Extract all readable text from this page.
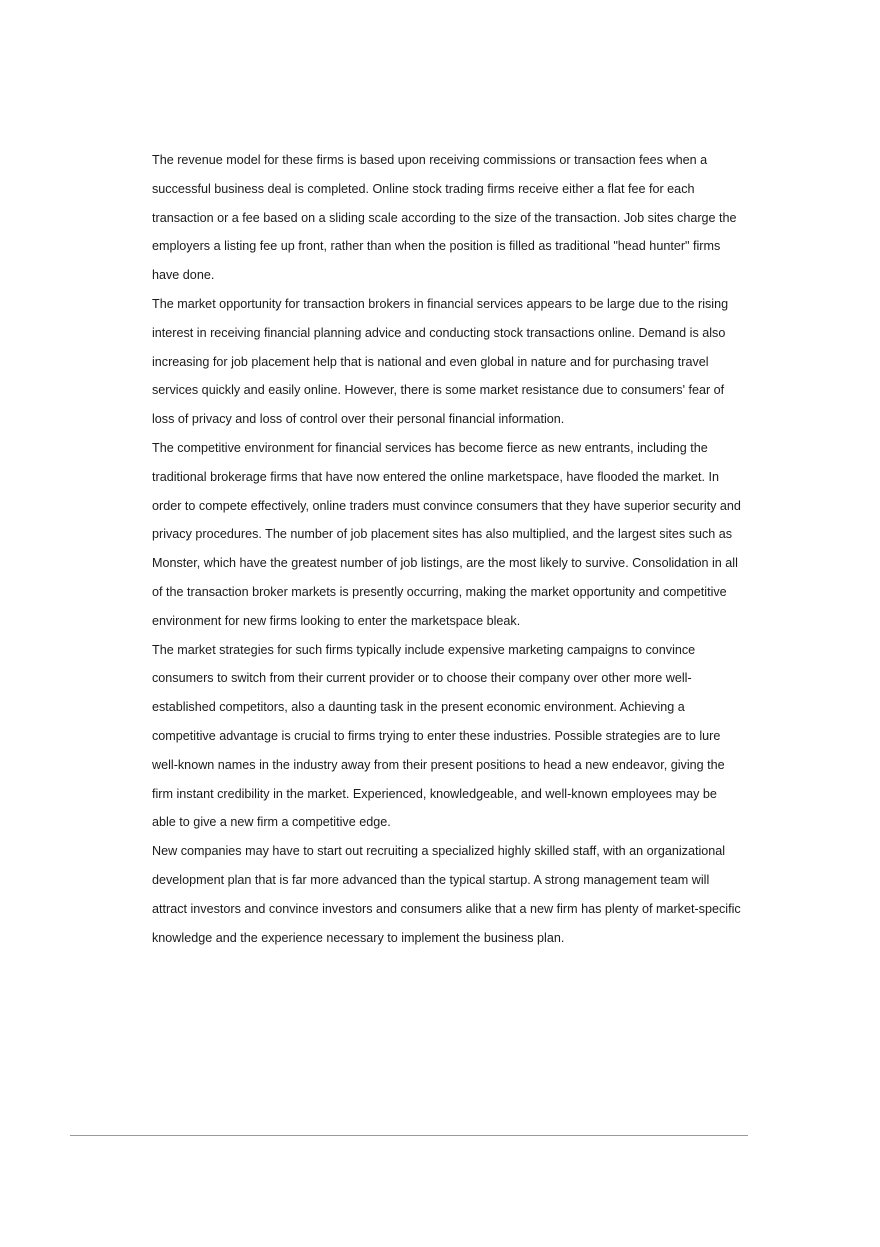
The revenue model for these firms is based upon receiving commissions or transaction fees when a successful business deal is completed. Online stock trading firms receive either a flat fee for each transaction or a fee based on a sliding scale according to the size of the transaction. Job sites charge the employers a listing fee up front, rather than when the position is filled as traditional "head hunter" firms have done.

The market opportunity for transaction brokers in financial services appears to be large due to the rising interest in receiving financial planning advice and conducting stock transactions online. Demand is also increasing for job placement help that is national and even global in nature and for purchasing travel services quickly and easily online. However, there is some market resistance due to consumers' fear of loss of privacy and loss of control over their personal financial information.

The competitive environment for financial services has become fierce as new entrants, including the traditional brokerage firms that have now entered the online marketspace, have flooded the market. In order to compete effectively, online traders must convince consumers that they have superior security and privacy procedures. The number of job placement sites has also multiplied, and the largest sites such as Monster, which have the greatest number of job listings, are the most likely to survive. Consolidation in all of the transaction broker markets is presently occurring, making the market opportunity and competitive environment for new firms looking to enter the marketspace bleak.

The market strategies for such firms typically include expensive marketing campaigns to convince consumers to switch from their current provider or to choose their company over other more well-established competitors, also a daunting task in the present economic environment. Achieving a competitive advantage is crucial to firms trying to enter these industries. Possible strategies are to lure well-known names in the industry away from their present positions to head a new endeavor, giving the firm instant credibility in the market. Experienced, knowledgeable, and well-known employees may be able to give a new firm a competitive edge.

New companies may have to start out recruiting a specialized highly skilled staff, with an organizational development plan that is far more advanced than the typical startup. A strong management team will attract investors and convince investors and consumers alike that a new firm has plenty of market-specific knowledge and the experience necessary to implement the business plan.
